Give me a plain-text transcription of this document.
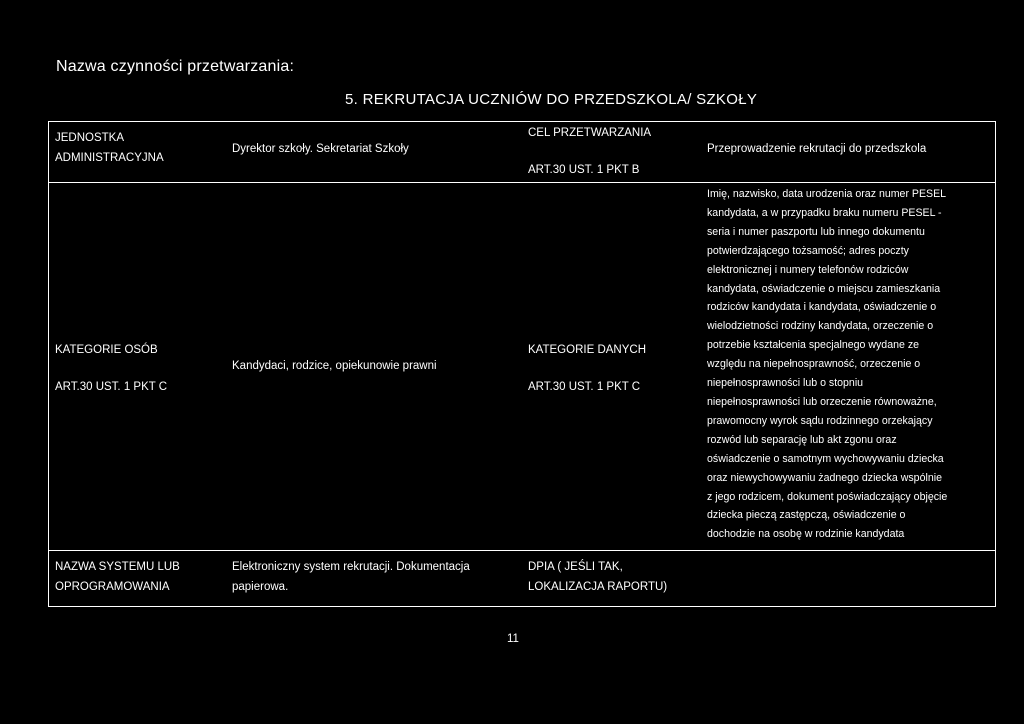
Nazwa czynności przetwarzania:
5. REKRUTACJA UCZNIÓW DO PRZEDSZKOLA/ SZKOŁY
JEDNOSTKA
ADMINISTRACYJNA
Dyrektor szkoły. Sekretariat Szkoły
CEL PRZETWARZANIA
ART.30 UST. 1 PKT B
Przeprowadzenie rekrutacji do przedszkola
KATEGORIE OSÓB
ART.30 UST. 1 PKT C
Kandydaci, rodzice, opiekunowie prawni
KATEGORIE DANYCH
ART.30 UST. 1 PKT C
Imię, nazwisko, data urodzenia oraz numer PESEL
kandydata, a w przypadku braku numeru PESEL -
seria i numer paszportu lub innego dokumentu
potwierdzającego tożsamość; adres poczty
elektronicznej i numery telefonów rodziców
kandydata, oświadczenie o miejscu zamieszkania
rodziców kandydata i kandydata, oświadczenie o
wielodzietności rodziny kandydata, orzeczenie o
potrzebie kształcenia specjalnego wydane ze
względu na niepełnosprawność, orzeczenie o
niepełnosprawności lub o stopniu
niepełnosprawności lub orzeczenie równoważne,
prawomocny wyrok sądu rodzinnego orzekający
rozwód lub separację lub akt zgonu oraz
oświadczenie o samotnym wychowywaniu dziecka
oraz niewychowywaniu żadnego dziecka wspólnie
z jego rodzicem, dokument poświadczający objęcie
dziecka pieczą zastępczą, oświadczenie o
dochodzie na osobę w rodzinie kandydata
NAZWA SYSTEMU LUB
OPROGRAMOWANIA
Elektroniczny system rekrutacji. Dokumentacja
papierowa.
DPIA ( JEŚLI TAK,
LOKALIZACJA RAPORTU)
11
